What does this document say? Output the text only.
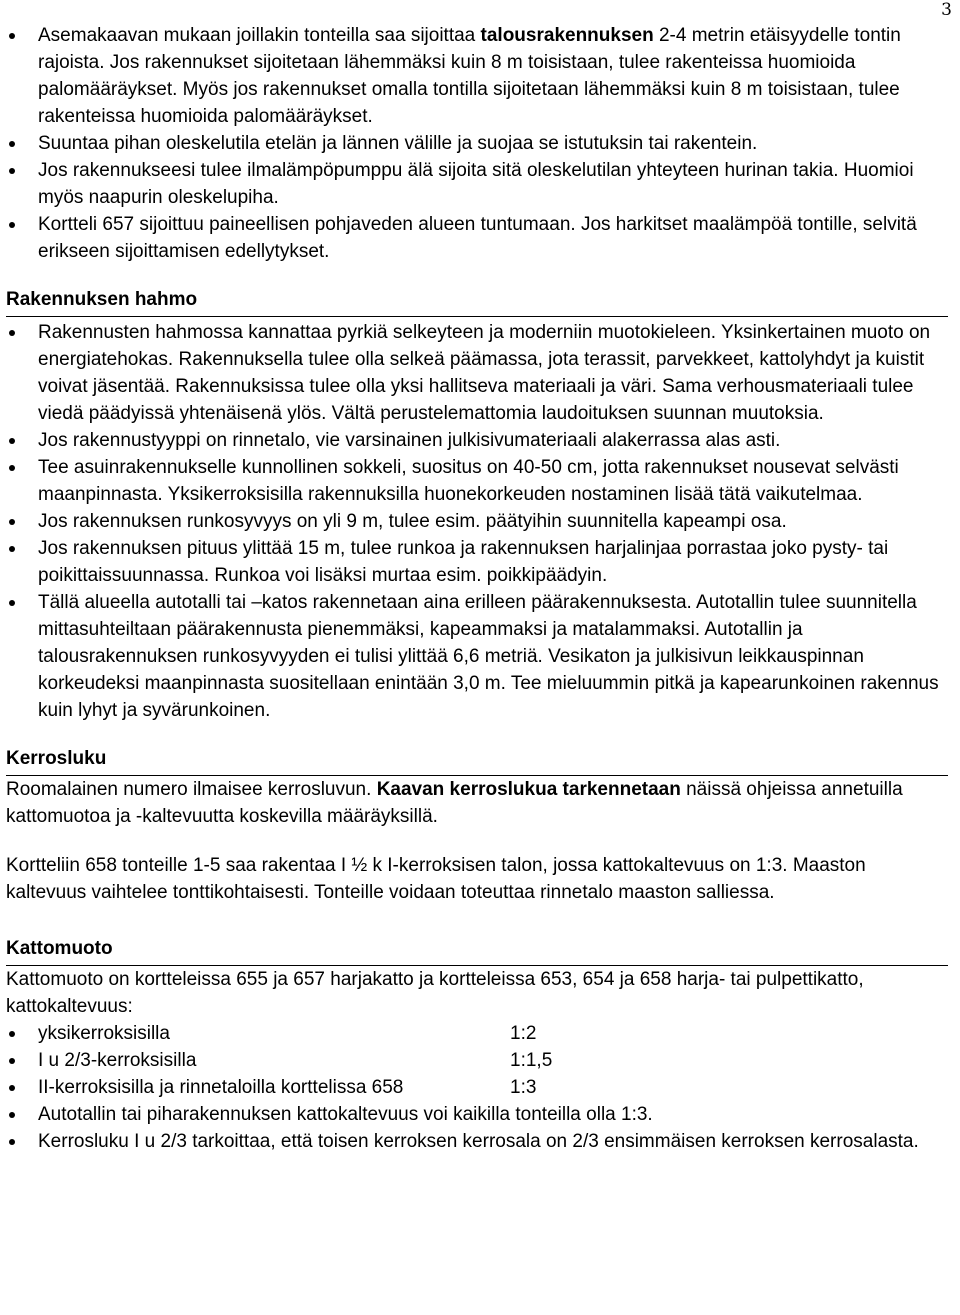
3
Asemakaavan mukaan joillakin tonteilla saa sijoittaa talousrakennuksen 2-4 metrin etäisyydelle tontin rajoista. Jos rakennukset sijoitetaan lähemmäksi kuin 8 m toisistaan, tulee rakenteissa huomioida palomääräykset. Myös jos rakennukset omalla tontilla sijoitetaan lähemmäksi kuin 8 m toisistaan, tulee rakenteissa huomioida palomääräykset.
Suuntaa pihan oleskelutila etelän ja lännen välille ja suojaa se istutuksin tai rakentein.
Jos rakennukseesi tulee ilmalämpöpumppu älä sijoita sitä oleskelutilan yhteyteen hurinan takia. Huomioi myös naapurin oleskelupiha.
Kortteli 657 sijoittuu paineellisen pohjaveden alueen tuntumaan. Jos harkitset maalämpöä tontille, selvitä erikseen sijoittamisen edellytykset.
Rakennuksen hahmo
Rakennusten hahmossa kannattaa pyrkiä selkeyteen ja moderniin muotokieleen. Yksinkertainen muoto on energiatehokas. Rakennuksella tulee olla selkeä päämassa, jota terassit, parvekkeet, kattolyhdyt ja kuistit voivat jäsentää. Rakennuksissa tulee olla yksi hallitseva materiaali ja väri. Sama verhousmateriaali tulee viedä päädyissä yhtenäisenä ylös. Vältä perustelemattomia laudoituksen suunnan muutoksia.
Jos rakennustyyppi on rinnetalo, vie varsinainen julkisivumateriaali alakerrassa alas asti.
Tee asuinrakennukselle kunnollinen sokkeli, suositus on 40-50 cm, jotta rakennukset nousevat selvästi maanpinnasta. Yksikerroksisilla rakennuksilla huonekorkeuden nostaminen lisää tätä vaikutelmaa.
Jos rakennuksen runkosyvyys on yli 9 m, tulee esim. päätyihin suunnitella kapeampi osa.
Jos rakennuksen pituus ylittää 15 m, tulee runkoa ja rakennuksen harjalinjaa porrastaa joko pysty- tai poikittaissuunnassa. Runkoa voi lisäksi murtaa esim. poikkipäädyin.
Tällä alueella autotalli tai –katos rakennetaan aina erilleen päärakennuksesta. Autotallin tulee suunnitella mittasuhteiltaan päärakennusta pienemmäksi, kapeammaksi ja matalammaksi. Autotallin ja talousrakennuksen runkosyvyyden ei tulisi ylittää 6,6 metriä. Vesikaton ja julkisivun leikkauspinnan korkeudeksi maanpinnasta suositellaan enintään 3,0 m. Tee mieluummin pitkä ja kapearunkoinen rakennus kuin lyhyt ja syvärunkoinen.
Kerrosluku

Roomalainen numero ilmaisee kerrosluvun. Kaavan kerroslukua tarkennetaan näissä ohjeissa annetuilla kattomuotoa ja -kaltevuutta koskevilla määräyksillä.

Kortteliin 658 tonteille 1-5 saa rakentaa I ½ k I-kerroksisen talon, jossa kattokaltevuus on 1:3. Maaston kaltevuus vaihtelee tonttikohtaisesti. Tonteille voidaan toteuttaa rinnetalo maaston salliessa.

Kattomuoto

Kattomuoto on kortteleissa 655 ja 657 harjakatto ja kortteleissa 653, 654 ja 658 harja- tai pulpettikatto, kattokaltevuus:

yksikerroksisilla	1:2
I u 2/3-kerroksisilla	1:1,5
II-kerroksisilla ja rinnetaloilla korttelissa 658	1:3
Autotallin tai piharakennuksen kattokaltevuus voi kaikilla tonteilla olla 1:3.
Kerrosluku I u 2/3 tarkoittaa, että toisen kerroksen kerrosala on 2/3 ensimmäisen kerroksen kerrosalasta.
